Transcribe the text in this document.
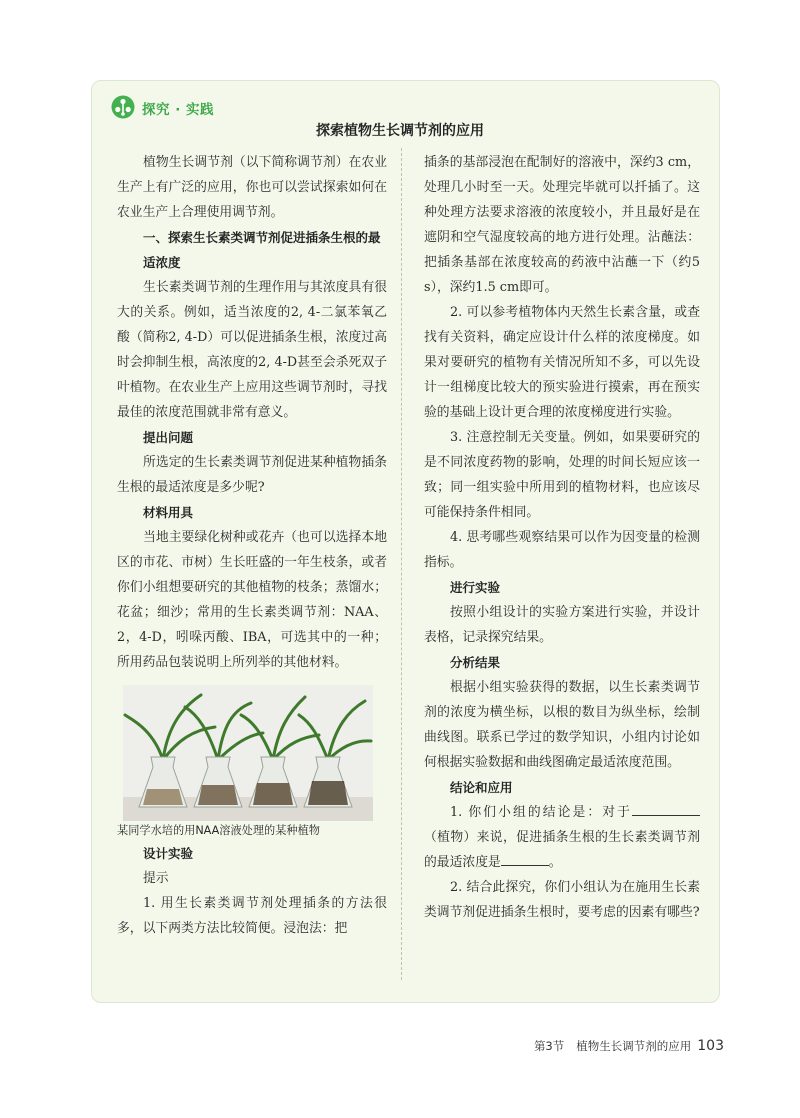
探究 · 实践
探索植物生长调节剂的应用

植物生长调节剂（以下简称调节剂）在农业生产上有广泛的应用，你也可以尝试探索如何在农业生产上合理使用调节剂。

一、探索生长素类调节剂促进插条生根的最适浓度

生长素类调节剂的生理作用与其浓度具有很大的关系。例如，适当浓度的2, 4-二氯苯氧乙酸（简称2, 4-D）可以促进插条生根，浓度过高时会抑制生根，高浓度的2, 4-D甚至会杀死双子叶植物。在农业生产上应用这些调节剂时，寻找最佳的浓度范围就非常有意义。

提出问题

所选定的生长素类调节剂促进某种植物插条生根的最适浓度是多少呢?

材料用具

当地主要绿化树种或花卉（也可以选择本地区的市花、市树）生长旺盛的一年生枝条，或者你们小组想要研究的其他植物的枝条；蒸馏水；花盆；细沙；常用的生长素类调节剂：NAA、2，4-D，吲哚丙酸、IBA，可选其中的一种；所用药品包装说明上所列举的其他材料。

某同学水培的用NAA溶液处理的某种植物

设计实验

提示

1. 用生长素类调节剂处理插条的方法很多，以下两类方法比较简便。浸泡法：把

插条的基部浸泡在配制好的溶液中，深约3 cm，处理几小时至一天。处理完毕就可以扦插了。这种处理方法要求溶液的浓度较小，并且最好是在遮阴和空气湿度较高的地方进行处理。沾蘸法：把插条基部在浓度较高的药液中沾蘸一下（约5 s），深约1.5 cm即可。

2. 可以参考植物体内天然生长素含量，或查找有关资料，确定应设计什么样的浓度梯度。如果对要研究的植物有关情况所知不多，可以先设计一组梯度比较大的预实验进行摸索，再在预实验的基础上设计更合理的浓度梯度进行实验。

3. 注意控制无关变量。例如，如果要研究的是不同浓度药物的影响，处理的时间长短应该一致；同一组实验中所用到的植物材料，也应该尽可能保持条件相同。

4. 思考哪些观察结果可以作为因变量的检测指标。

进行实验

按照小组设计的实验方案进行实验，并设计表格，记录探究结果。

分析结果

根据小组实验获得的数据，以生长素类调节剂的浓度为横坐标，以根的数目为纵坐标，绘制曲线图。联系已学过的数学知识，小组内讨论如何根据实验数据和曲线图确定最适浓度范围。

结论和应用

1. 你们小组的结论是：对于（植物）来说，促进插条生根的生长素类调节剂的最适浓度是	。

2. 结合此探究，你们小组认为在施用生长素类调节剂促进插条生根时，要考虑的因素有哪些?

第3节 植物生长调节剂的应用 103
